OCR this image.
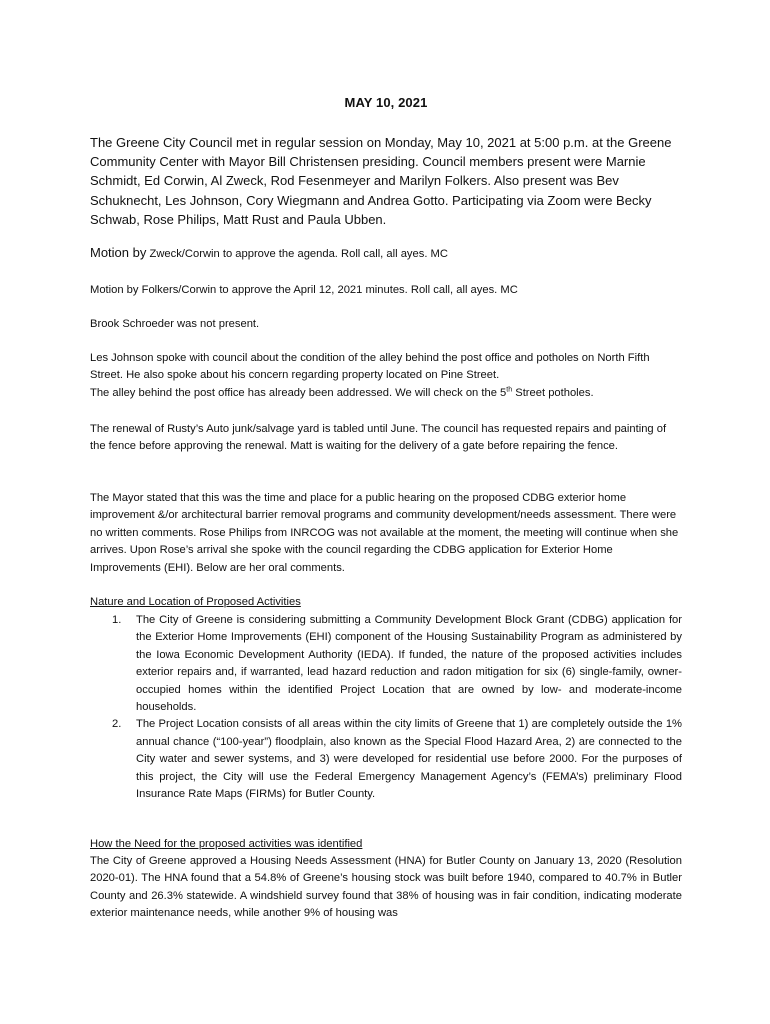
MAY 10, 2021
The Greene City Council met in regular session on Monday, May 10, 2021 at 5:00 p.m. at the Greene Community Center with Mayor Bill Christensen presiding. Council members present were Marnie Schmidt, Ed Corwin, Al Zweck, Rod Fesenmeyer and Marilyn Folkers. Also present was Bev Schuknecht, Les Johnson, Cory Wiegmann and Andrea Gotto. Participating via Zoom were Becky Schwab, Rose Philips, Matt Rust and Paula Ubben.
Motion by Zweck/Corwin to approve the agenda. Roll call, all ayes. MC
Motion by Folkers/Corwin to approve the April 12, 2021 minutes. Roll call, all ayes. MC
Brook Schroeder was not present.
Les Johnson spoke with council about the condition of the alley behind the post office and potholes on North Fifth Street. He also spoke about his concern regarding property located on Pine Street.
The alley behind the post office has already been addressed. We will check on the 5th Street potholes.
The renewal of Rusty’s Auto junk/salvage yard is tabled until June. The council has requested repairs and painting of the fence before approving the renewal. Matt is waiting for the delivery of a gate before repairing the fence.
The Mayor stated that this was the time and place for a public hearing on the proposed CDBG exterior home improvement &/or architectural barrier removal programs and community development/needs assessment. There were no written comments. Rose Philips from INRCOG was not available at the moment, the meeting will continue when she arrives. Upon Rose’s arrival she spoke with the council regarding the CDBG application for Exterior Home Improvements (EHI). Below are her oral comments.
Nature and Location of Proposed Activities
1. The City of Greene is considering submitting a Community Development Block Grant (CDBG) application for the Exterior Home Improvements (EHI) component of the Housing Sustainability Program as administered by the Iowa Economic Development Authority (IEDA). If funded, the nature of the proposed activities includes exterior repairs and, if warranted, lead hazard reduction and radon mitigation for six (6) single-family, owner-occupied homes within the identified Project Location that are owned by low- and moderate-income households.
2. The Project Location consists of all areas within the city limits of Greene that 1) are completely outside the 1% annual chance (“100-year”) floodplain, also known as the Special Flood Hazard Area, 2) are connected to the City water and sewer systems, and 3) were developed for residential use before 2000. For the purposes of this project, the City will use the Federal Emergency Management Agency’s (FEMA’s) preliminary Flood Insurance Rate Maps (FIRMs) for Butler County.
How the Need for the proposed activities was identified
The City of Greene approved a Housing Needs Assessment (HNA) for Butler County on January 13, 2020 (Resolution 2020-01). The HNA found that a 54.8% of Greene’s housing stock was built before 1940, compared to 40.7% in Butler County and 26.3% statewide. A windshield survey found that 38% of housing was in fair condition, indicating moderate exterior maintenance needs, while another 9% of housing was
